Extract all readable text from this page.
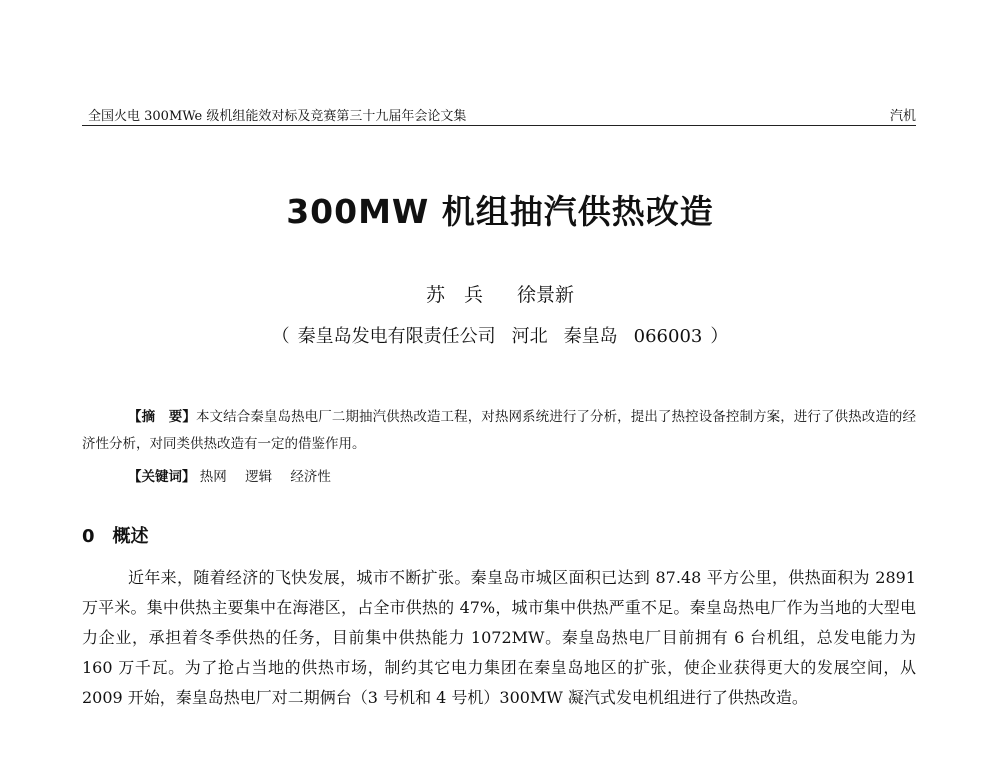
全国火电 300MWe 级机组能效对标及竞赛第三十九届年会论文集	汽机
300MW 机组抽汽供热改造
苏　兵 徐景新
（ 秦皇岛发电有限责任公司 河北 秦皇岛 066003 ）
【摘　要】本文结合秦皇岛热电厂二期抽汽供热改造工程，对热网系统进行了分析，提出了热控设备控制方案，进行了供热改造的经济性分析，对同类供热改造有一定的借鉴作用。
【关键词】 热网 逻辑 经济性
0 概述
近年来，随着经济的飞快发展，城市不断扩张。秦皇岛市城区面积已达到 87.48 平方公里，供热面积为 2891 万平米。集中供热主要集中在海港区，占全市供热的 47%，城市集中供热严重不足。秦皇岛热电厂作为当地的大型电力企业，承担着冬季供热的任务，目前集中供热能力 1072MW。秦皇岛热电厂目前拥有 6 台机组，总发电能力为 160 万千瓦。为了抢占当地的供热市场，制约其它电力集团在秦皇岛地区的扩张，使企业获得更大的发展空间，从 2009 开始，秦皇岛热电厂对二期俩台（3 号机和 4 号机）300MW 凝汽式发电机组进行了供热改造。
